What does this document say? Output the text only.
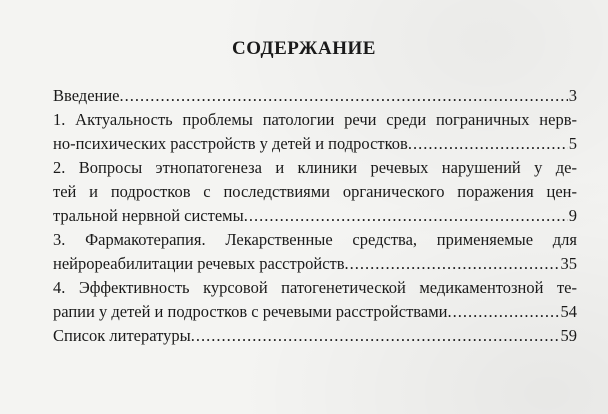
СОДЕРЖАНИЕ
Введение .....	3
1. Актуальность проблемы патологии речи среди пограничных нерв-
но-психических расстройств у детей и подростков .....	5
2. Вопросы этнопатогенеза и клиники речевых нарушений у де-
тей и подростков с последствиями органического поражения цен-
тральной нервной системы .....	9
3. Фармакотерапия. Лекарственные средства, применяемые для
нейрореабилитации речевых расстройств .....	35
4. Эффективность курсовой патогенетической медикаментозной те-
рапии у детей и подростков с речевыми расстройствами .....	54
Список литературы .....	59
